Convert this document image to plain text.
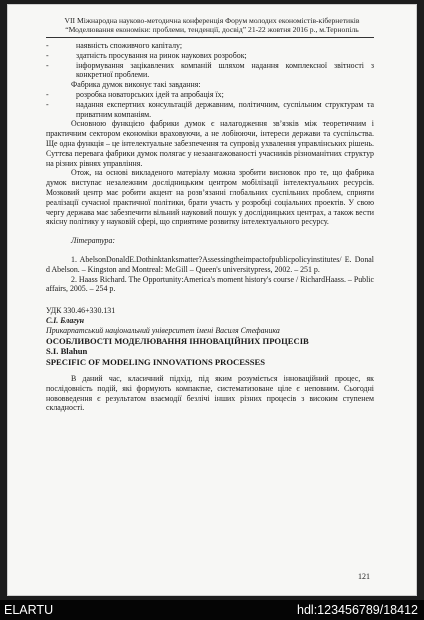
VII Міжнародна науково-методична конференція Форум молодих економістів-кібернетиків
“Моделювання економіки: проблеми, тенденції, досвід” 21-22 жовтня 2016 р., м.Тернопіль
-	наявність споживчого капіталу;
-	здатність просування на ринок наукових розробок;
-	інформування зацікавлених компаній шляхом надання комплексної звітності з конкретної проблеми.

Фабрика думок виконує такі завдання:

-	розробка новаторських ідей та апробація їх;
-	надання експертних консультацій державним, політичним, суспільним структурам та приватним компаніям.

Основною функцією фабрики думок є налагодження зв’язків між теоретичним і практичним сектором економіки враховуючи, а не лобіюючи, інтереси держави та суспільства. Ще одна функція – це інтелектуальне забезпечення та супровід ухвалення управлінських рішень. Суттєва перевага фабрики думок полягає у незаангажованості учасників різноманітних структур на різних рівнях управління.

Отож, на основі викладеного матеріалу можна зробити висновок про те, що фабрика думок виступає незалежним дослідницьким центром мобілізації інтелектуальних ресурсів. Мозковий центр має робити акцент на розв’язанні глобальних суспільних проблем, сприяти реалізації сучасної практичної політики, брати участь у розробці соціальних проектів. У свою чергу держава має забезпечити вільний науковий пошук у дослідницьких центрах, а також вести якісну політику у науковій сфері, що сприятиме розвитку інтелектуального ресурсу.

Література:

1. AbelsonDonaldE.Dothinktanksmatter?Assessingtheimpactofpublicpolicyinstitutes/ E. Donald Abelson. – Kingston and Montreal: McGill – Queen's universitypress, 2002. – 251 p.

2. Haass Richard. The Opportunity:America's moment history's course / RichardHaass. – Public affairs, 2005. – 254 p.

УДК 330.46+330.131

С.І. Благун

Прикарпатський національний університет імені Василя Стефаника

ОСОБЛИВОСТІ МОДЕЛЮВАННЯ ІННОВАЦІЙНИХ ПРОЦЕСІВ

S.I. Blahun

SPECIFIC OF MODELING INNOVATIONS PROCESSES

В даний час, класичний підхід, під яким розуміється інноваційний процес, як послідовність подій, які формують компактне, систематизоване ціле є неповним. Сьогодні нововведення є результатом взаємодії безлічі інших різних процесів з високим ступенем складності.

121
ELARTU	hdl:123456789/18412
